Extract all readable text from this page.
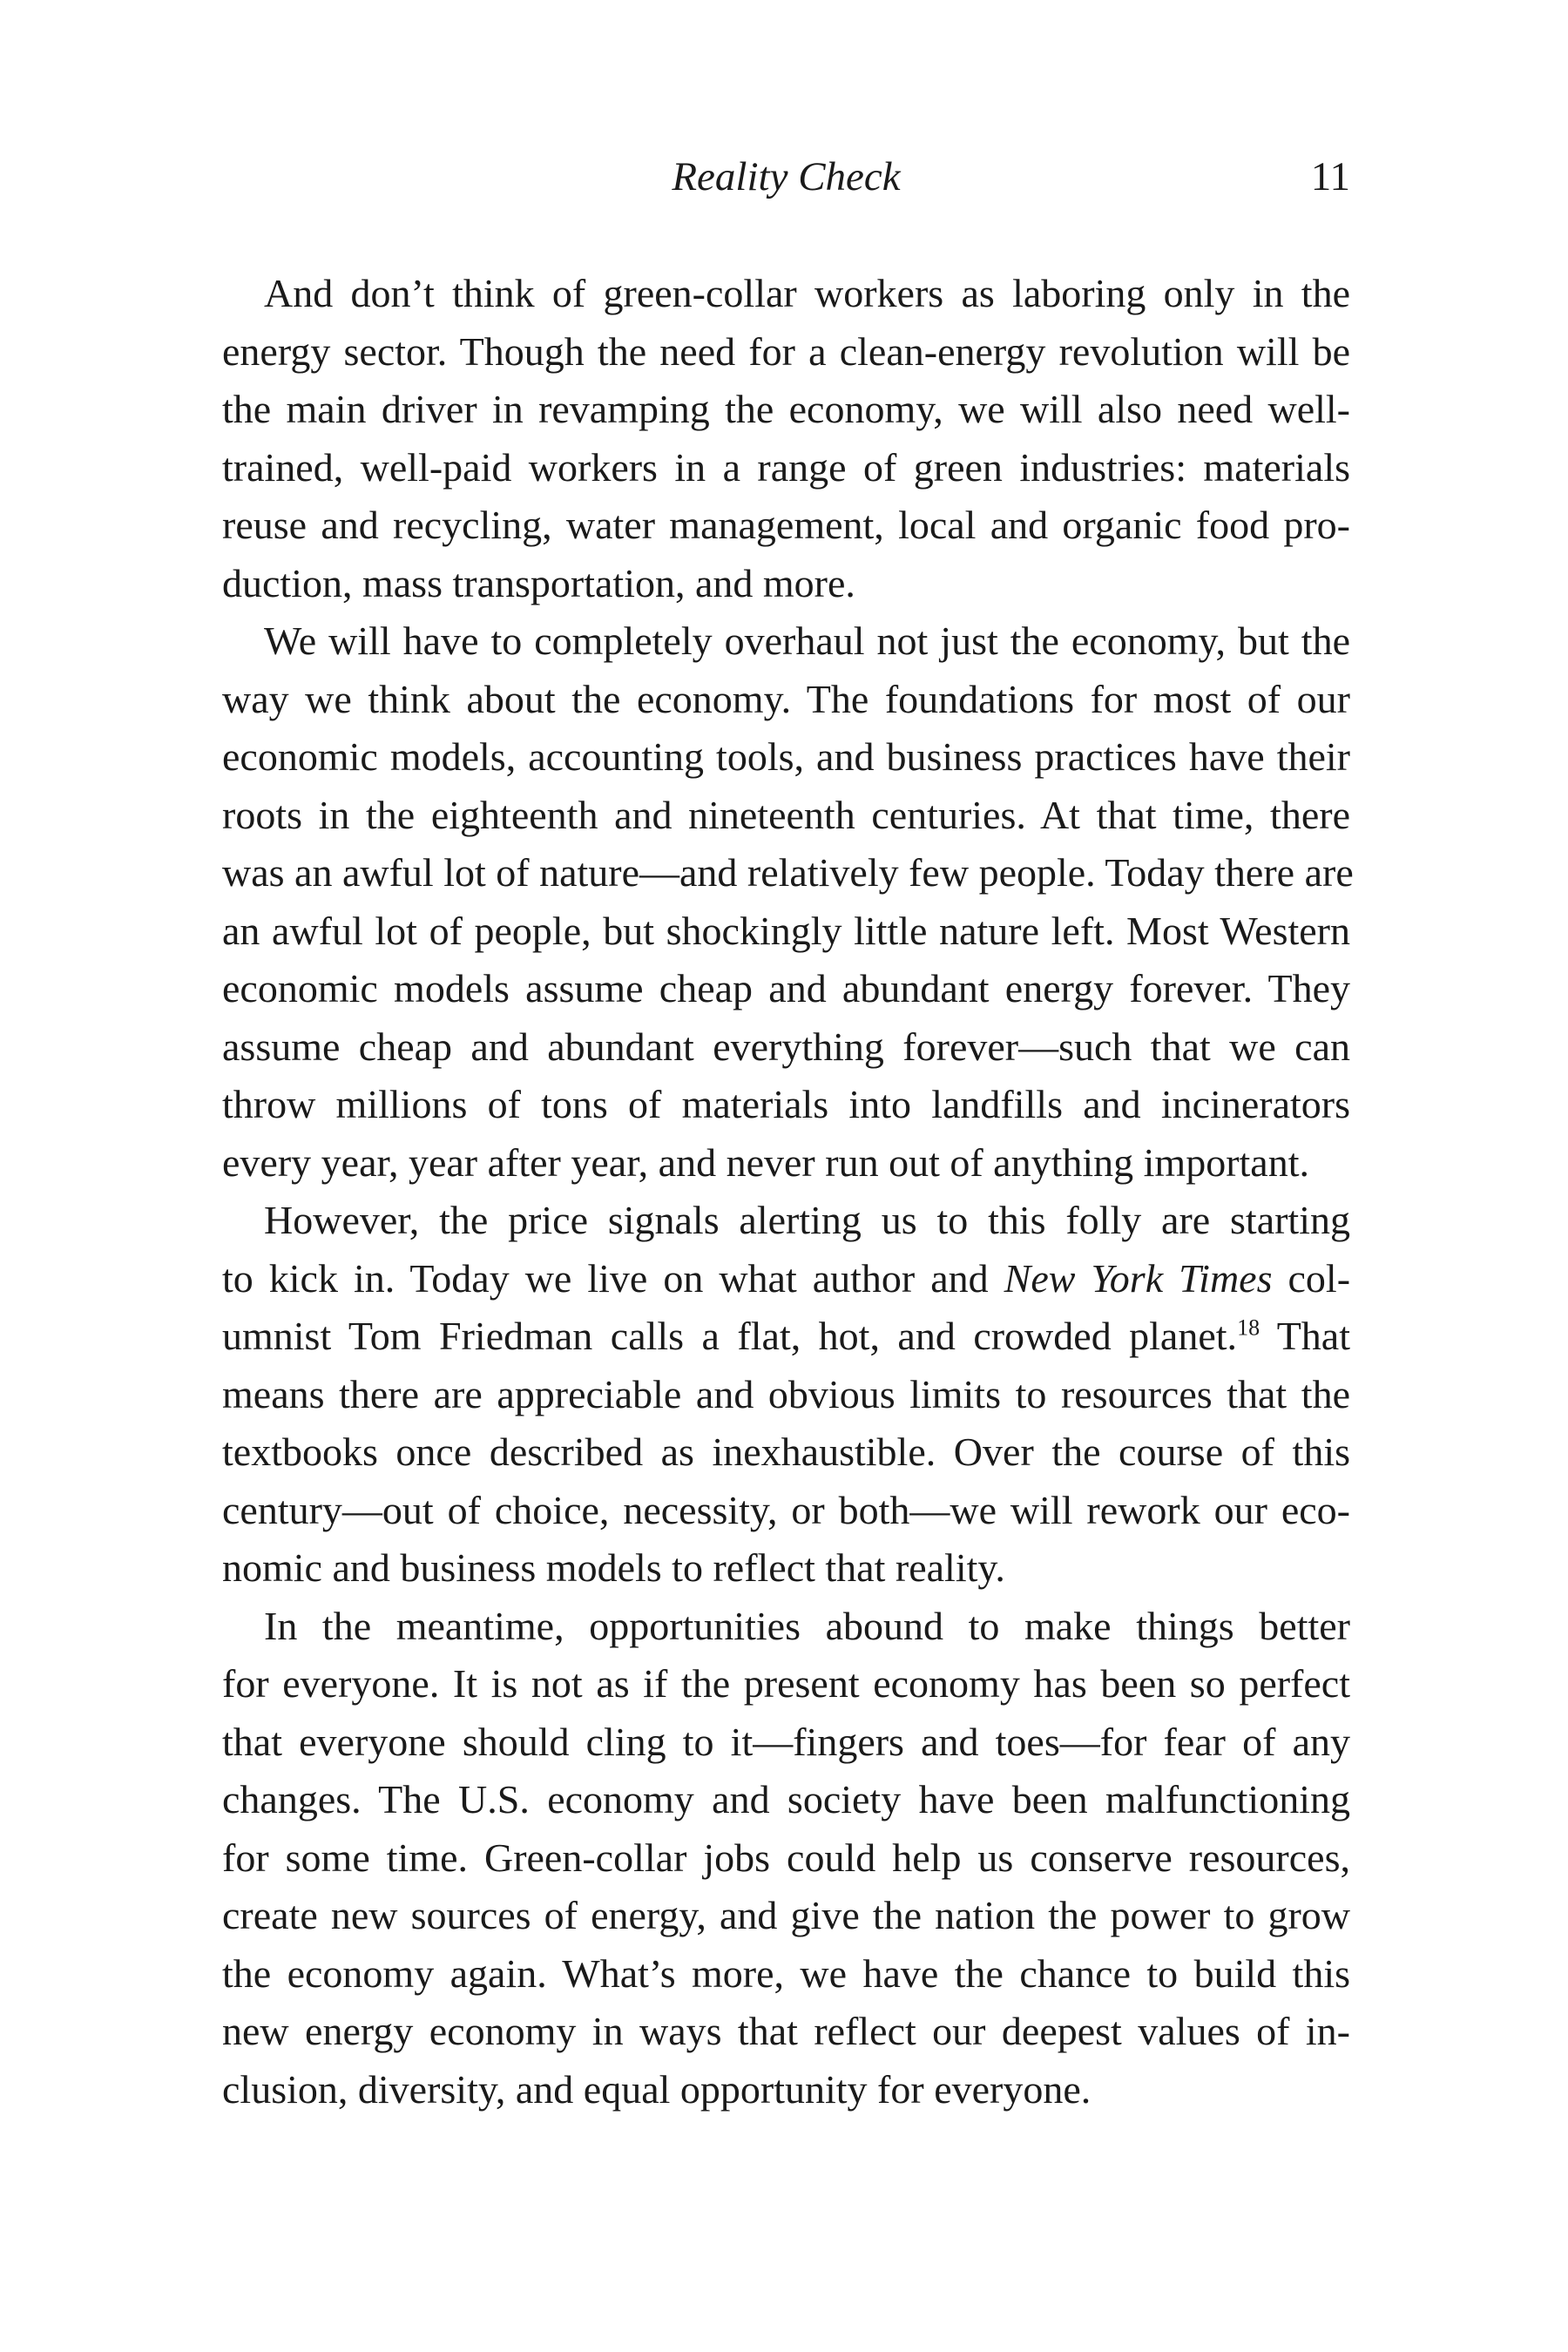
Reality Check	11
And don’t think of green-collar workers as laboring only in the
energy sector. Though the need for a clean-energy revolution will be
the main driver in revamping the economy, we will also need well-
trained, well-paid workers in a range of green industries: materials
reuse and recycling, water management, local and organic food pro-
duction, mass transportation, and more.
We will have to completely overhaul not just the economy, but the
way we think about the economy. The foundations for most of our
economic models, accounting tools, and business practices have their
roots in the eighteenth and nineteenth centuries. At that time, there
was an awful lot of nature—and relatively few people. Today there are
an awful lot of people, but shockingly little nature left. Most Western
economic models assume cheap and abundant energy forever. They
assume cheap and abundant everything forever—such that we can
throw millions of tons of materials into landfills and incinerators
every year, year after year, and never run out of anything important.
However, the price signals alerting us to this folly are starting
to kick in. Today we live on what author and New York Times col-
umnist Tom Friedman calls a flat, hot, and crowded planet.$^{18}$ That
means there are appreciable and obvious limits to resources that the
textbooks once described as inexhaustible. Over the course of this
century—out of choice, necessity, or both—we will rework our eco-
nomic and business models to reflect that reality.
In the meantime, opportunities abound to make things better
for everyone. It is not as if the present economy has been so perfect
that everyone should cling to it—fingers and toes—for fear of any
changes. The U.S. economy and society have been malfunctioning
for some time. Green-collar jobs could help us conserve resources,
create new sources of energy, and give the nation the power to grow
the economy again. What’s more, we have the chance to build this
new energy economy in ways that reflect our deepest values of in-
clusion, diversity, and equal opportunity for everyone.
